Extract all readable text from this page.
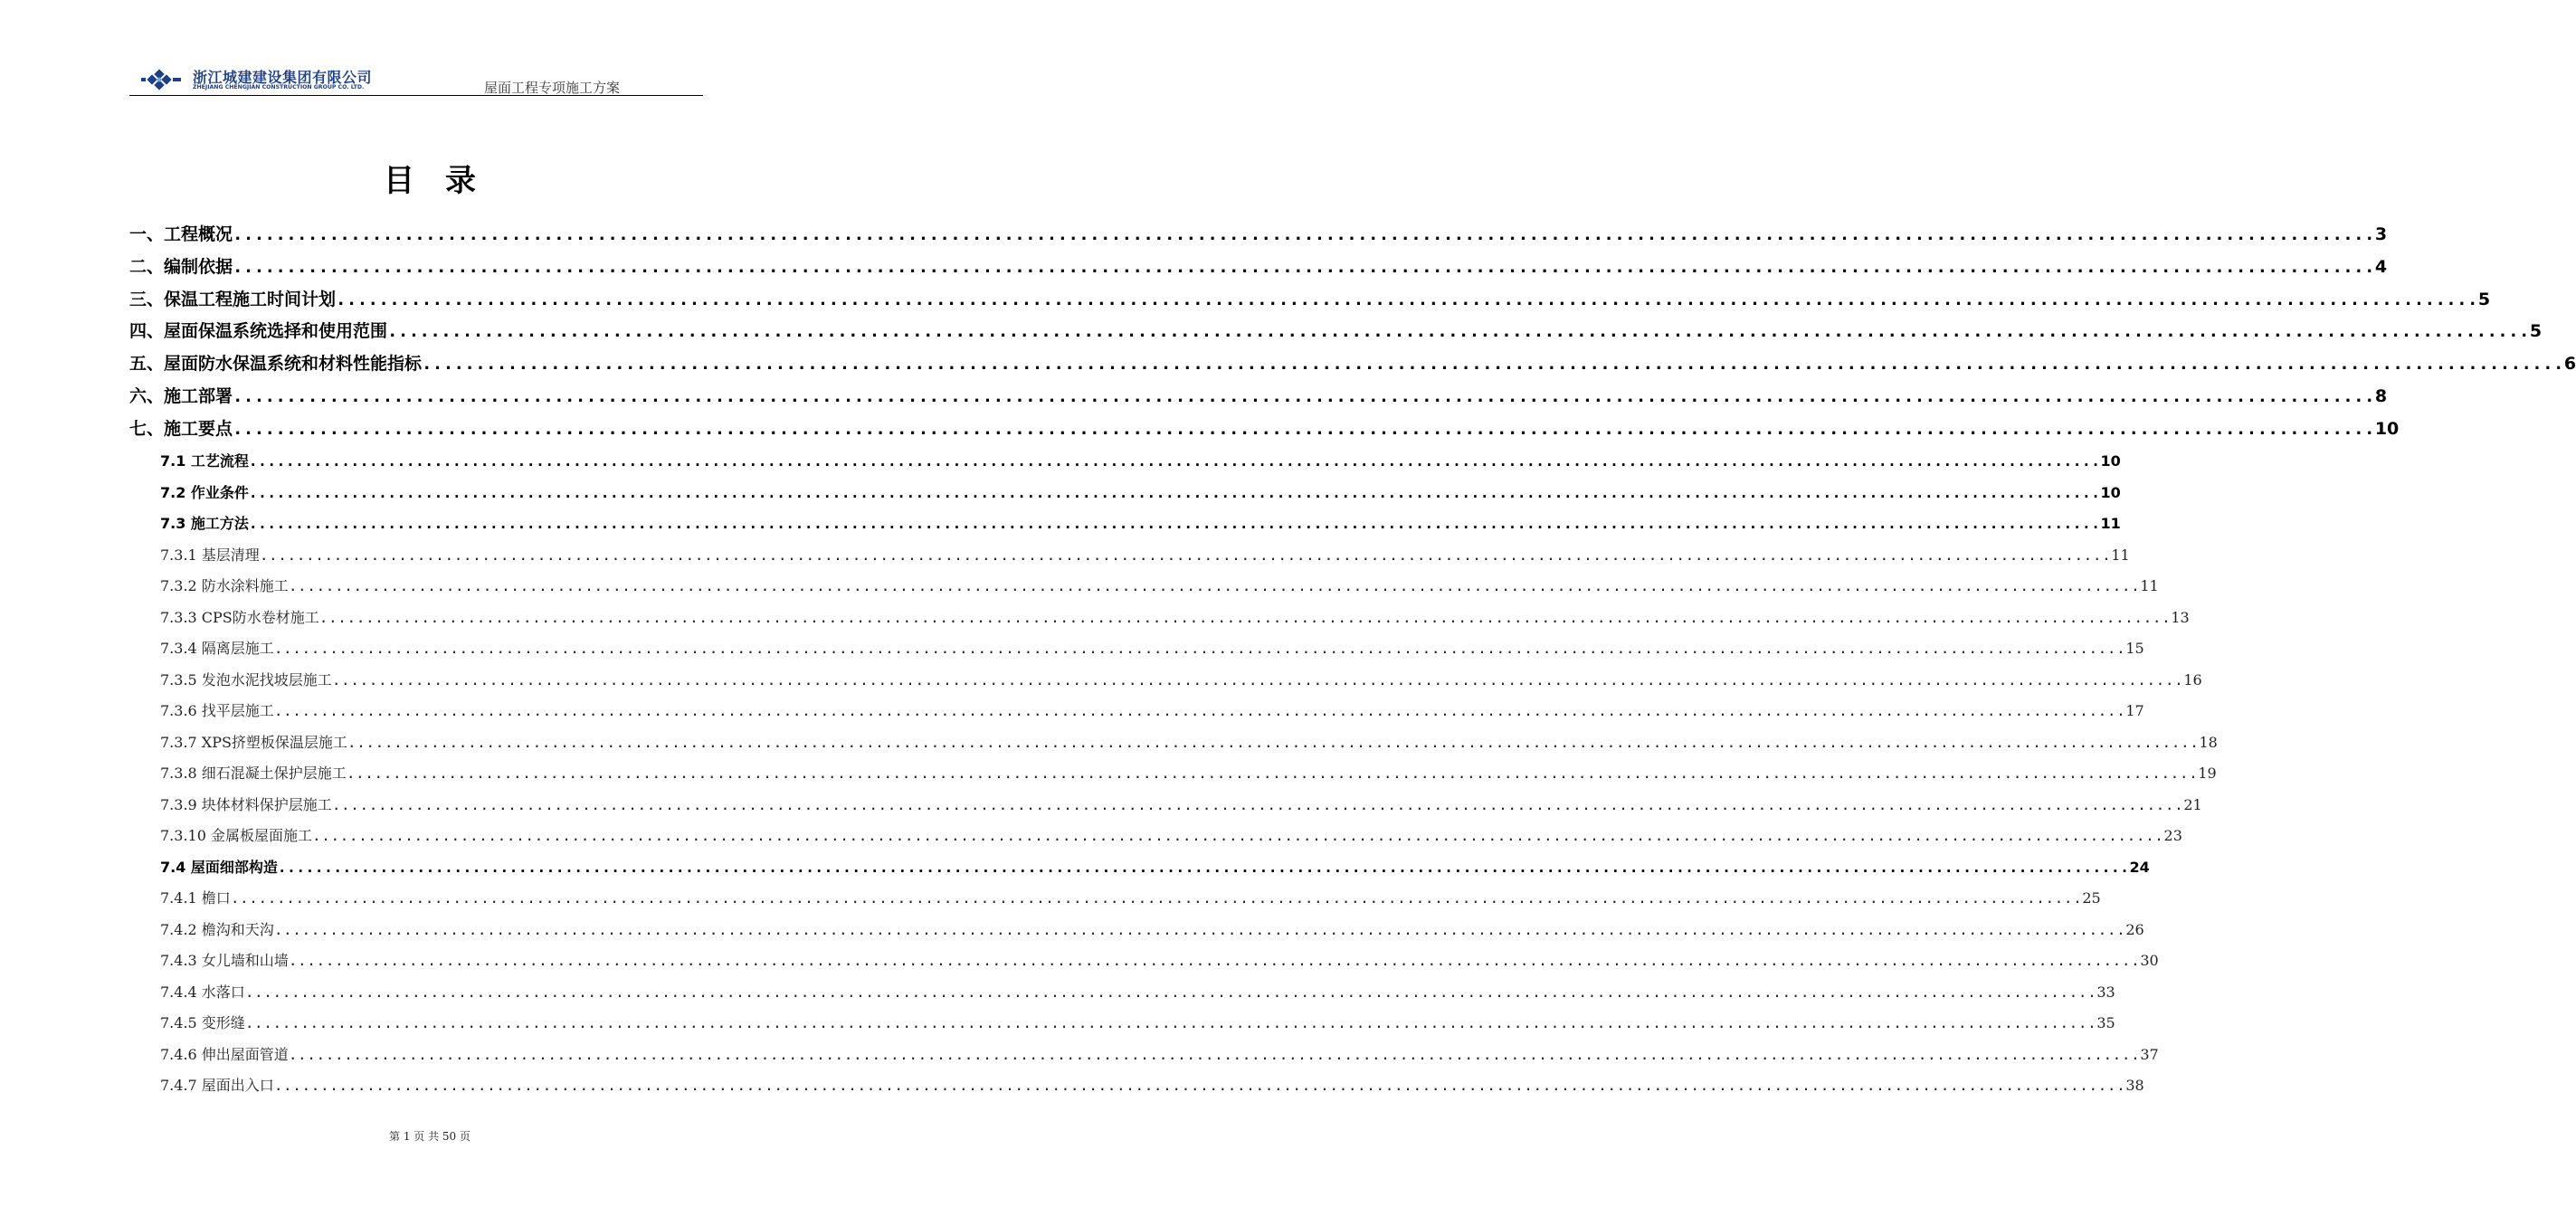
浙江城建建设集团有限公司
ZHEJIANG CHENGJIAN CONSTRUCTION GROUP CO. LTD.	屋面工程专项施工方案
目录
一、工程概况 ........................................................................................................................................................................................................ 3
二、编制依据 ........................................................................................................................................................................................................ 4
三、保温工程施工时间计划 ........................................................................................................................................................................................................ 5
四、屋面保温系统选择和使用范围 ........................................................................................................................................................................................................ 5
五、屋面防水保温系统和材料性能指标 ........................................................................................................................................................................................................ 6
六、施工部署 ........................................................................................................................................................................................................ 8
七、施工要点 ........................................................................................................................................................................................................ 10
7.1 工艺流程 ........................................................................................................................................................................................................ 10
7.2 作业条件 ........................................................................................................................................................................................................ 10
7.3 施工方法 ........................................................................................................................................................................................................ 11
7.3.1 基层清理 ........................................................................................................................................................................................................ 11
7.3.2 防水涂料施工 ........................................................................................................................................................................................................ 11
7.3.3 CPS防水卷材施工 ........................................................................................................................................................................................................ 13
7.3.4 隔离层施工 ........................................................................................................................................................................................................ 15
7.3.5 发泡水泥找坡层施工 ........................................................................................................................................................................................................ 16
7.3.6 找平层施工 ........................................................................................................................................................................................................ 17
7.3.7 XPS挤塑板保温层施工 ........................................................................................................................................................................................................ 18
7.3.8 细石混凝土保护层施工 ........................................................................................................................................................................................................ 19
7.3.9 块体材料保护层施工 ........................................................................................................................................................................................................ 21
7.3.10 金属板屋面施工 ........................................................................................................................................................................................................ 23
7.4 屋面细部构造 ........................................................................................................................................................................................................ 24
7.4.1 檐口 ........................................................................................................................................................................................................ 25
7.4.2 檐沟和天沟 ........................................................................................................................................................................................................ 26
7.4.3 女儿墙和山墙 ........................................................................................................................................................................................................ 30
7.4.4 水落口 ........................................................................................................................................................................................................ 33
7.4.5 变形缝 ........................................................................................................................................................................................................ 35
7.4.6 伸出屋面管道 ........................................................................................................................................................................................................ 37
7.4.7 屋面出入口 ........................................................................................................................................................................................................ 38
第 1 页 共 50 页
